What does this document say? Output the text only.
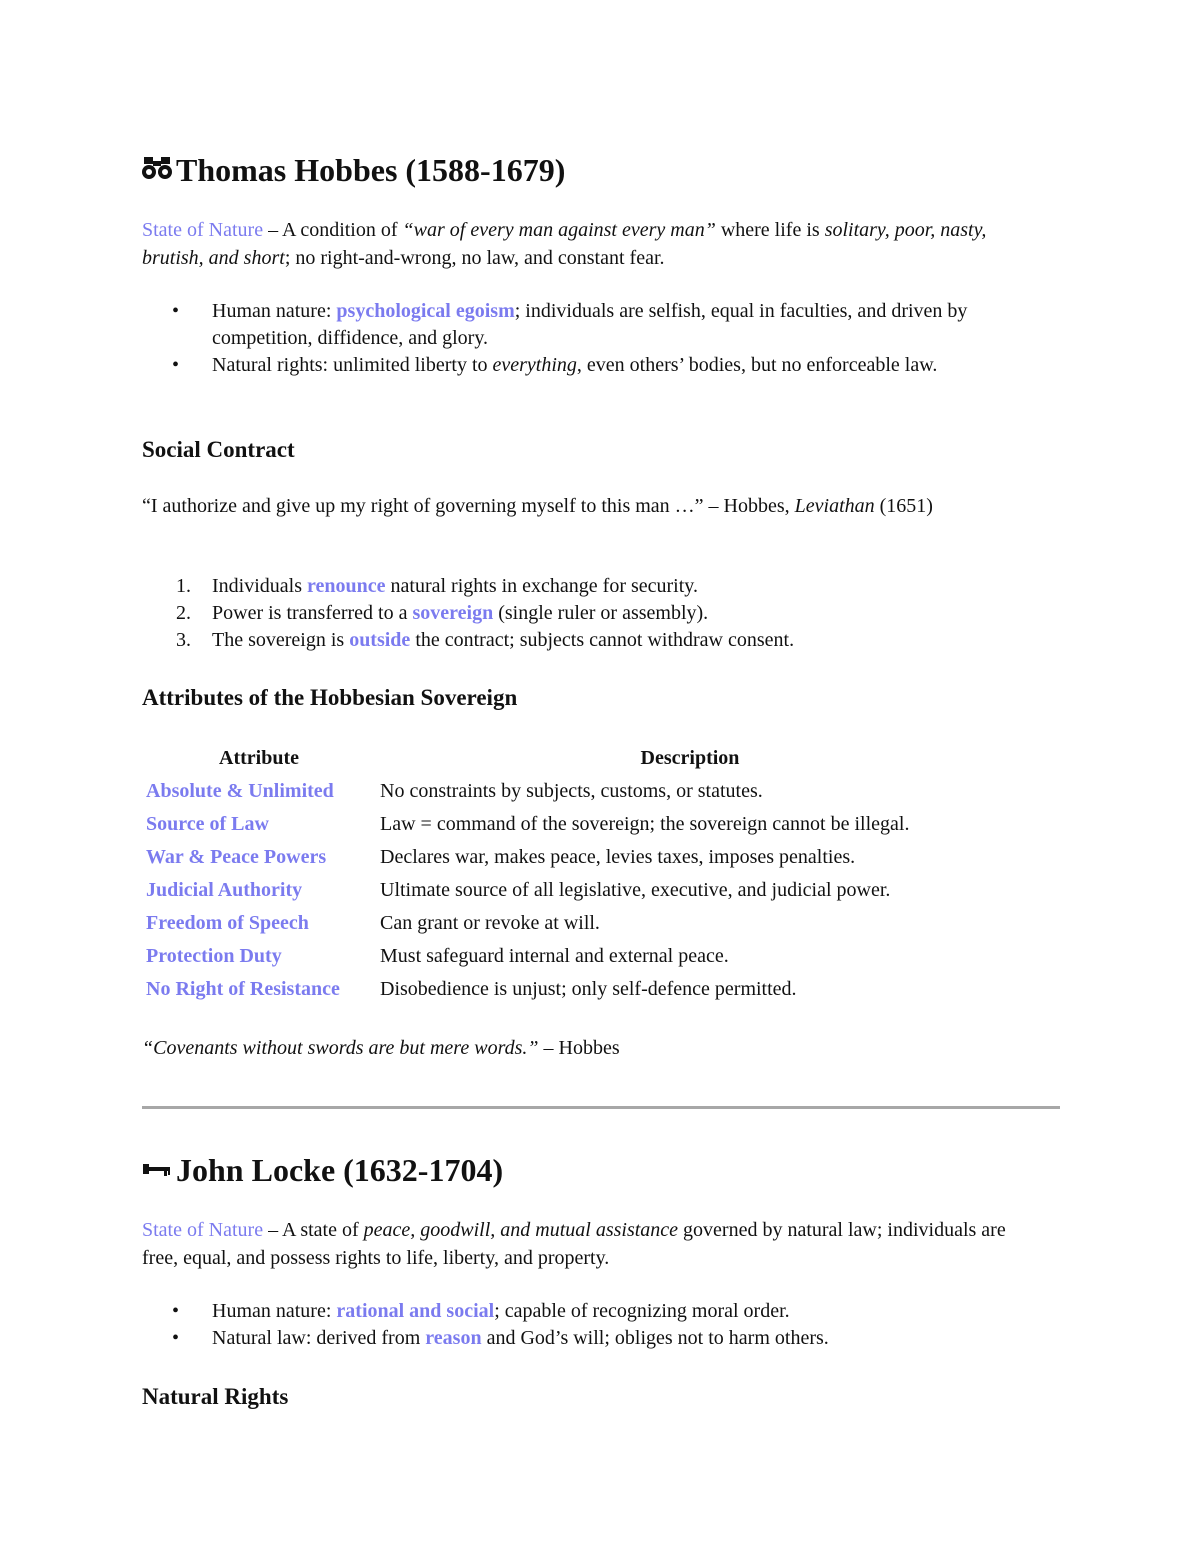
Thomas Hobbes (1588-1679)

State of Nature – A condition of “war of every man against every man” where life is solitary, poor, nasty, brutish, and short; no right-and-wrong, no law, and constant fear.

• Human nature: psychological egoism; individuals are selfish, equal in faculties, and driven by competition, diffidence, and glory.
• Natural rights: unlimited liberty to everything, even others’ bodies, but no enforceable law.
Social Contract

“I authorize and give up my right of governing myself to this man …” – Hobbes, Leviathan (1651)

1. Individuals renounce natural rights in exchange for security.
2. Power is transferred to a sovereign (single ruler or assembly).
3. The sovereign is outside the contract; subjects cannot withdraw consent.
Attributes of the Hobbesian Sovereign
Attribute	Description
Absolute & Unlimited	No constraints by subjects, customs, or statutes.
Source of Law	Law = command of the sovereign; the sovereign cannot be illegal.
War & Peace Powers	Declares war, makes peace, levies taxes, imposes penalties.
Judicial Authority	Ultimate source of all legislative, executive, and judicial power.
Freedom of Speech	Can grant or revoke at will.
Protection Duty	Must safeguard internal and external peace.
No Right of Resistance	Disobedience is unjust; only self-defence permitted.

“Covenants without swords are but mere words.” – Hobbes

John Locke (1632-1704)

State of Nature – A state of peace, goodwill, and mutual assistance governed by natural law; individuals are free, equal, and possess rights to life, liberty, and property.

• Human nature: rational and social; capable of recognizing moral order.
• Natural law: derived from reason and God’s will; obliges not to harm others.
Natural Rights
